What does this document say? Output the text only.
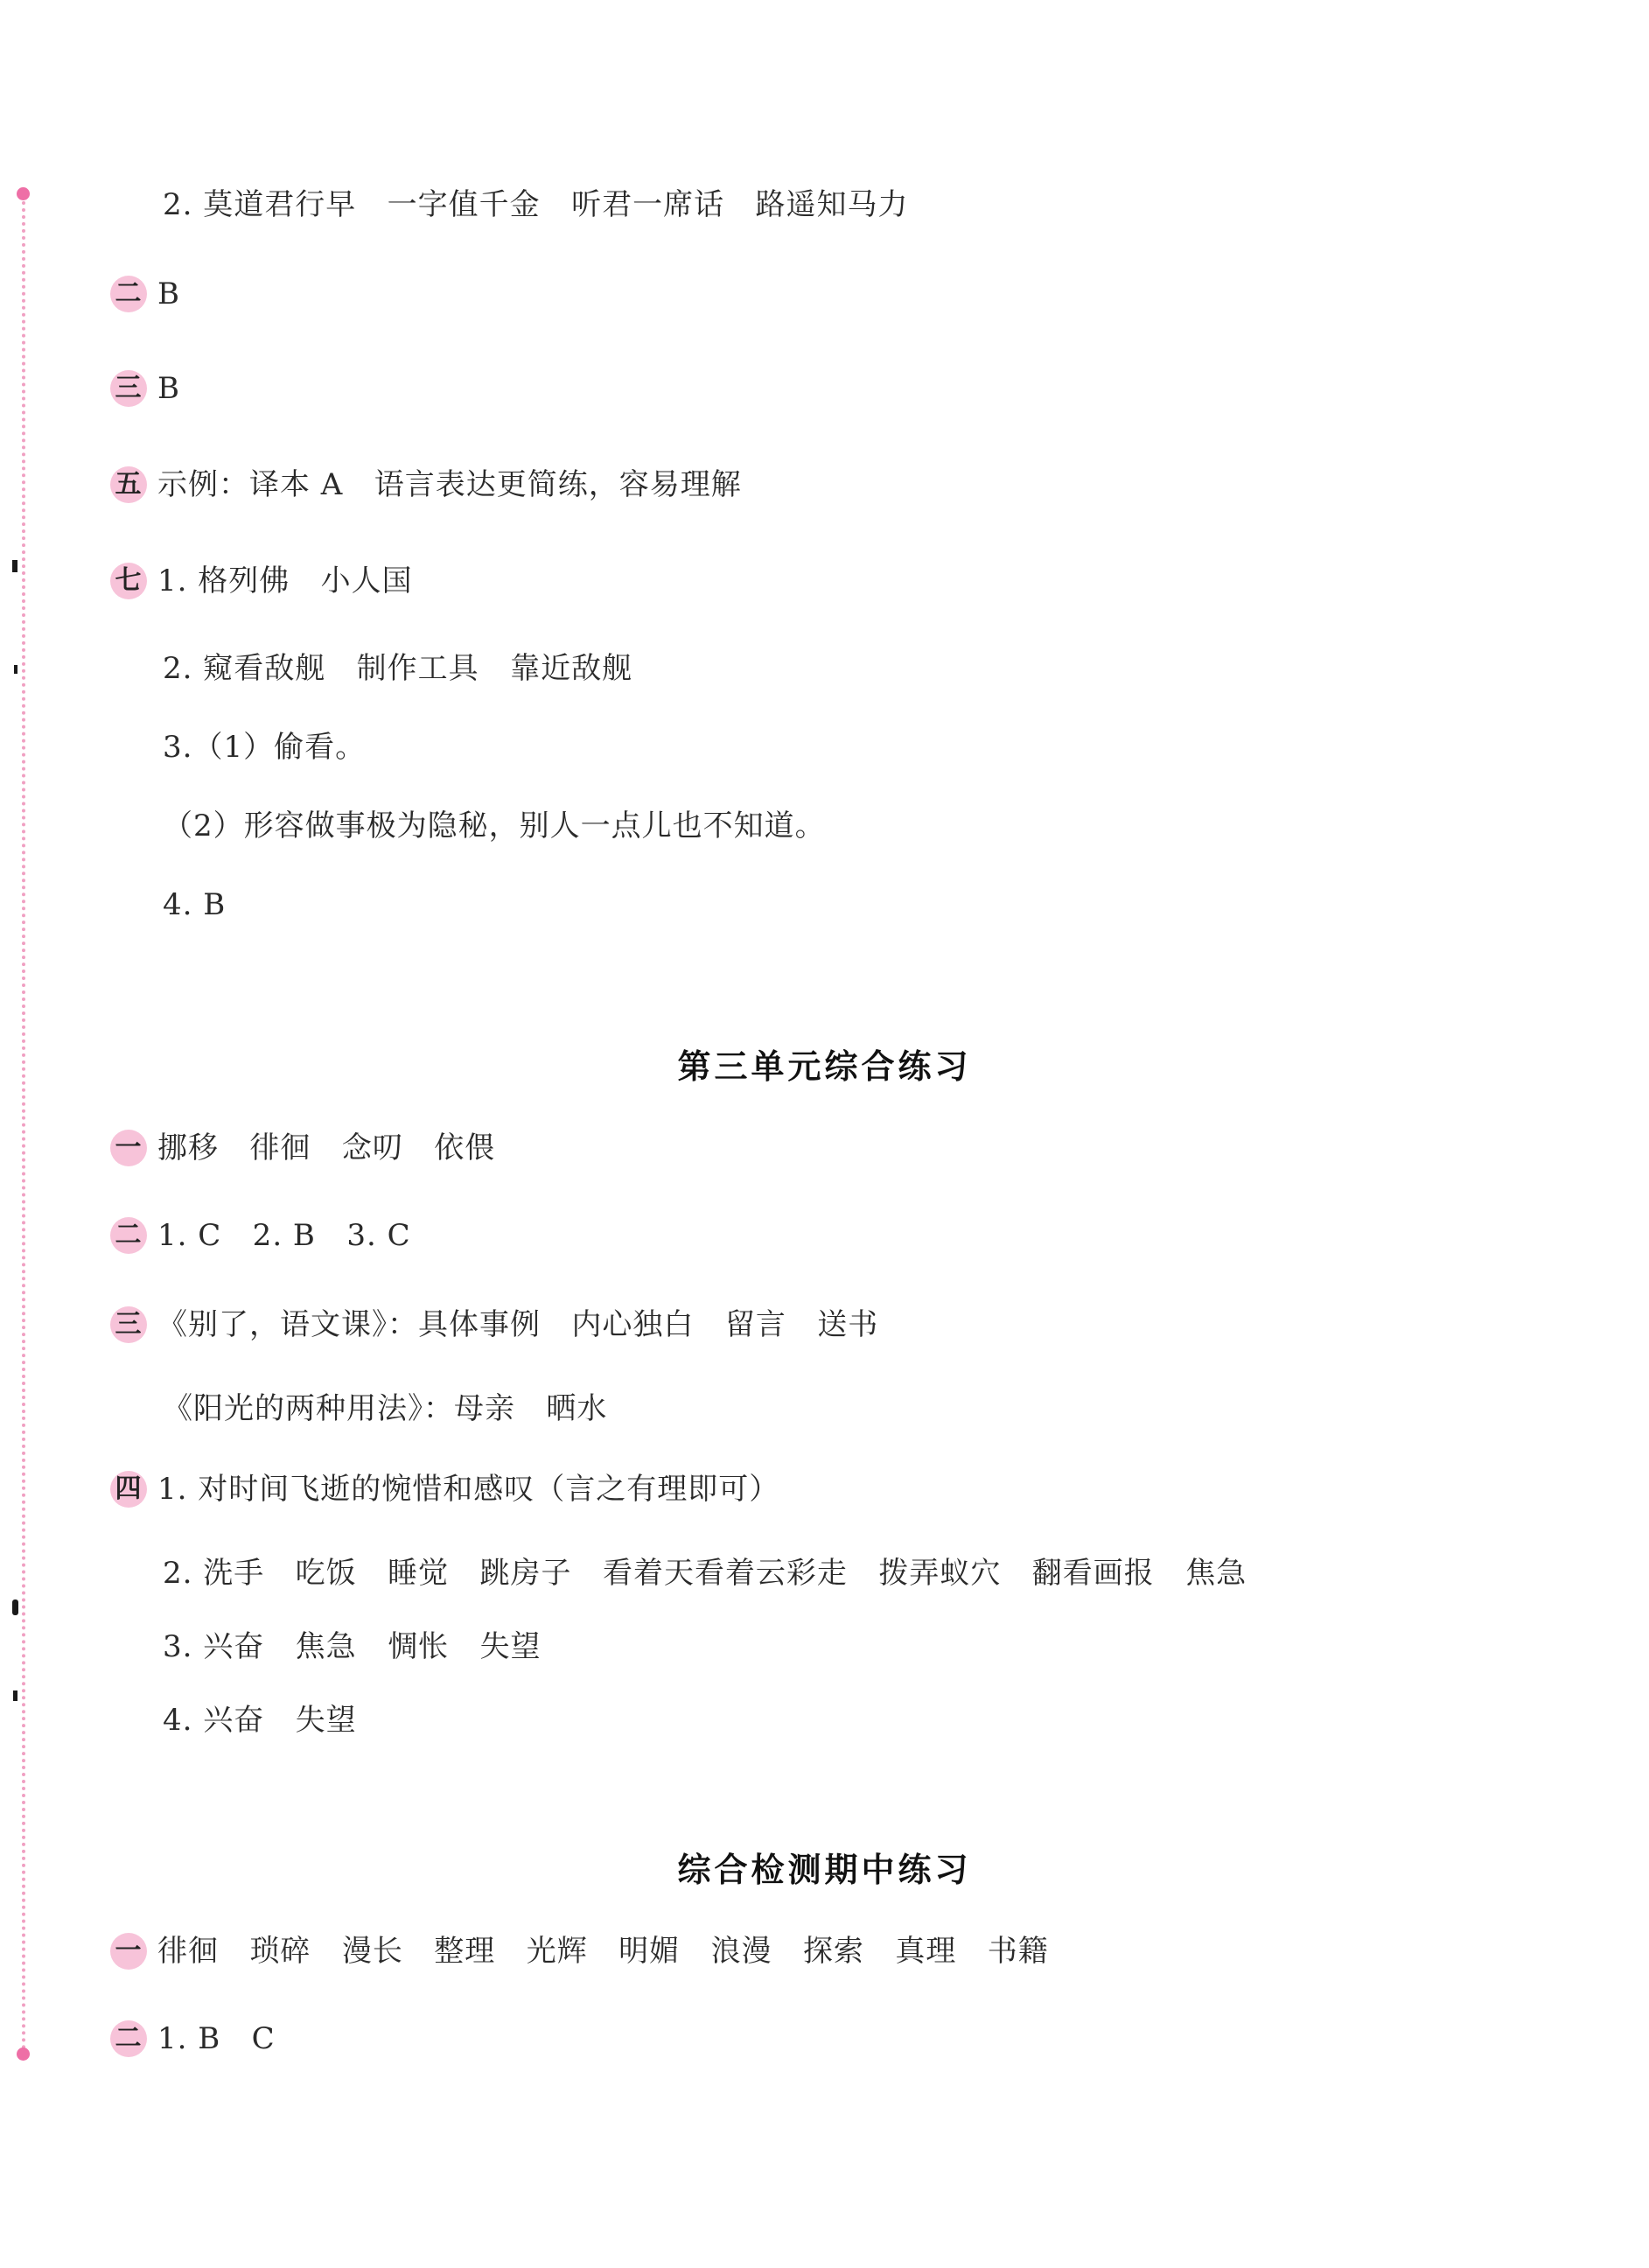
2. 莫道君行早   一字值千金   听君一席话   路遥知马力
二 B
三 B
五 示例：译本 A   语言表达更简练，容易理解
七 1. 格列佛   小人国
2. 窥看敌舰   制作工具   靠近敌舰
3.（1）偷看。
（2）形容做事极为隐秘，别人一点儿也不知道。
4. B
第三单元综合练习
一 挪移   徘徊   念叨   依偎
二 1. C   2. B   3. C
三 《别了，语文课》：具体事例   内心独白   留言   送书
《阳光的两种用法》：母亲   晒水
四 1. 对时间飞逝的惋惜和感叹（言之有理即可）
2. 洗手   吃饭   睡觉   跳房子   看着天看着云彩走   拨弄蚁穴   翻看画报   焦急
3. 兴奋   焦急   惆怅   失望
4. 兴奋   失望
综合检测期中练习
一 徘徊   琐碎   漫长   整理   光辉   明媚   浪漫   探索   真理   书籍
二 1. B   C
